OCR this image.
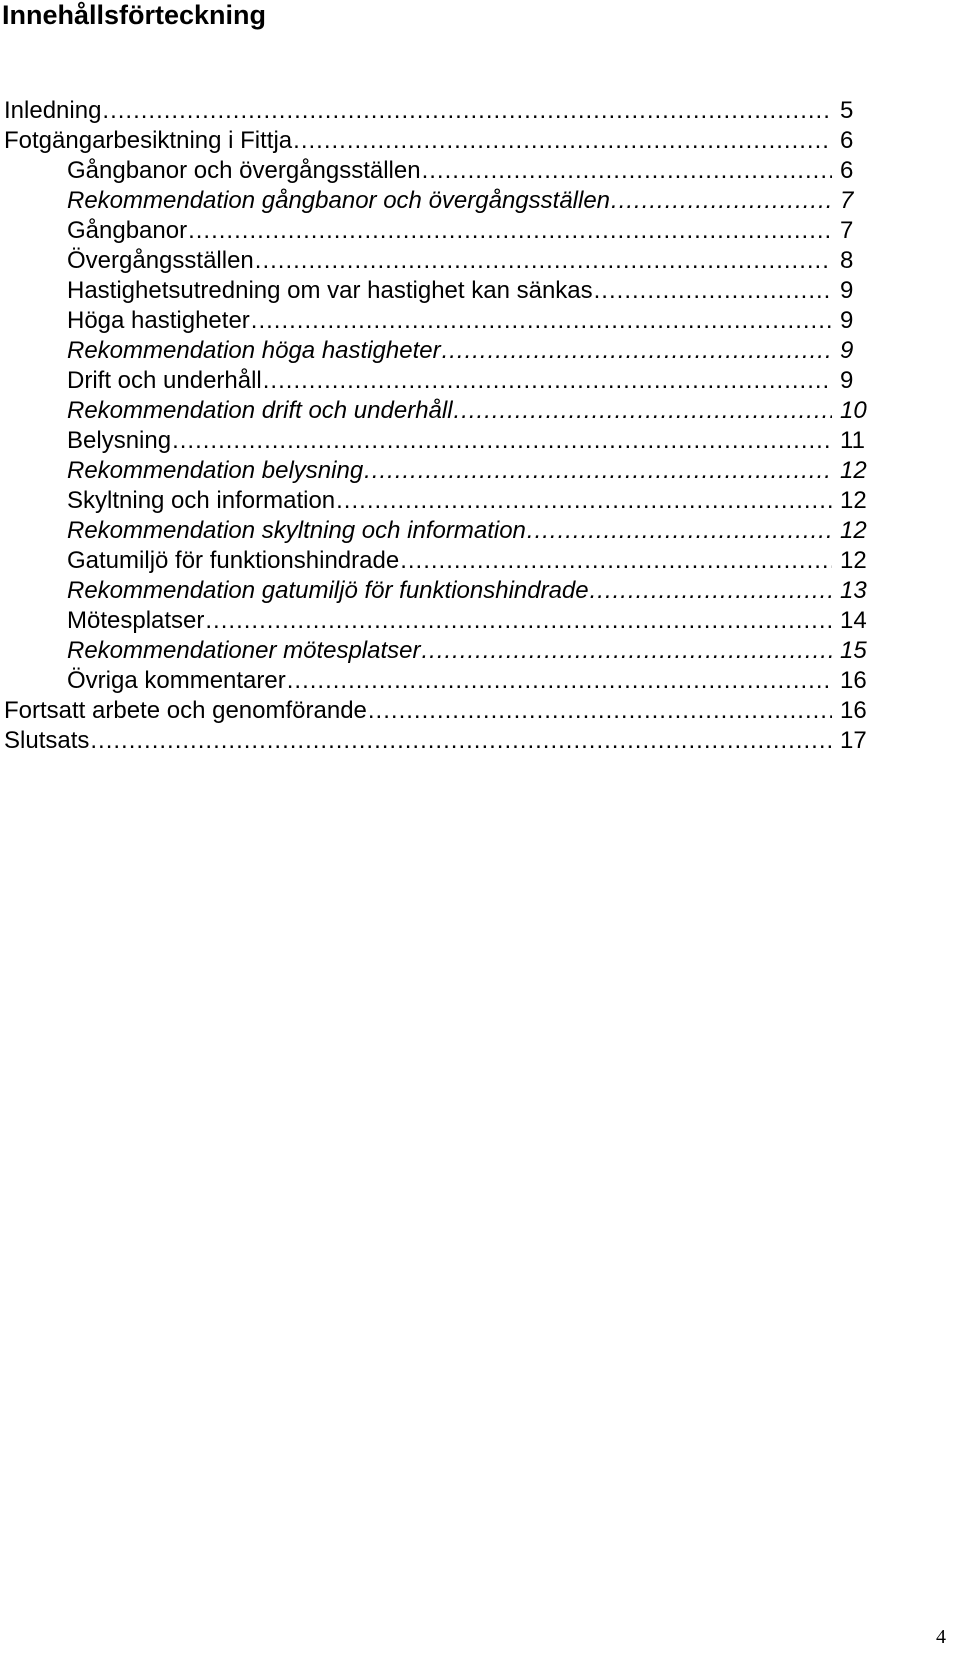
Innehållsförteckning
Inledning .....	5
Fotgängarbesiktning i Fittja .....	6
Gångbanor och övergångsställen .....	6
Rekommendation gångbanor och övergångsställen .....	7
Gångbanor .....	7
Övergångsställen .....	8
Hastighetsutredning om var hastighet kan sänkas .....	9
Höga hastigheter .....	9
Rekommendation höga hastigheter .....	9
Drift och underhåll .....	9
Rekommendation drift och underhåll .....	10
Belysning .....	11
Rekommendation belysning .....	12
Skyltning och information .....	12
Rekommendation skyltning och information .....	12
Gatumiljö för funktionshindrade .....	12
Rekommendation gatumiljö för funktionshindrade .....	13
Mötesplatser .....	14
Rekommendationer mötesplatser .....	15
Övriga kommentarer .....	16
Fortsatt arbete och genomförande .....	16
Slutsats .....	17
4
